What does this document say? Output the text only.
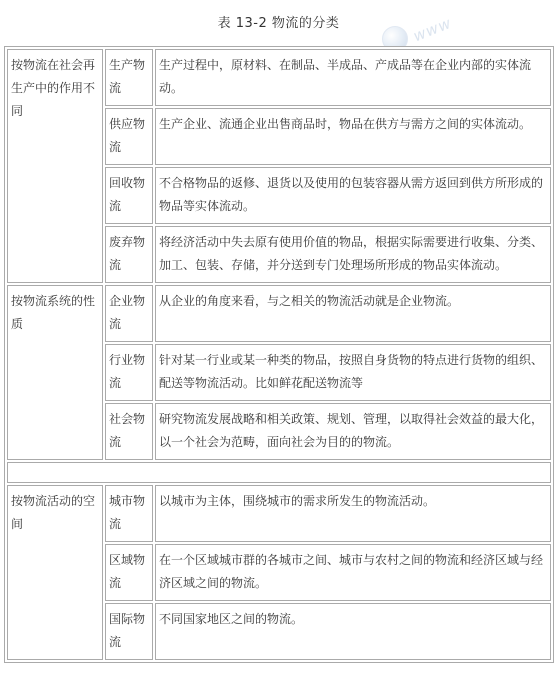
表 13-2 物流的分类	www
按物流在社会再生产中的作用不同	生产物流	生产过程中，原材料、在制品、半成品、产成品等在企业内部的实体流动。
	供应物流	生产企业、流通企业出售商品时，物品在供方与需方之间的实体流动。
	回收物流	不合格物品的返修、退货以及使用的包装容器从需方返回到供方所形成的物品等实体流动。
	废弃物流	将经济活动中失去原有使用价值的物品，根据实际需要进行收集、分类、加工、包装、存储，并分送到专门处理场所形成的物品实体流动。
按物流系统的性质	企业物流	从企业的角度来看，与之相关的物流活动就是企业物流。
	行业物流	针对某一行业或某一种类的物品，按照自身货物的特点进行货物的组织、配送等物流活动。比如鲜花配送物流等
	社会物流	研究物流发展战略和相关政策、规划、管理，以取得社会效益的最大化，以一个社会为范畴，面向社会为目的的物流。

按物流活动的空间	城市物流	以城市为主体，围绕城市的需求所发生的物流活动。
	区域物流	在一个区域城市群的各城市之间、城市与农村之间的物流和经济区域与经济区域之间的物流。
	国际物流	不同国家地区之间的物流。
